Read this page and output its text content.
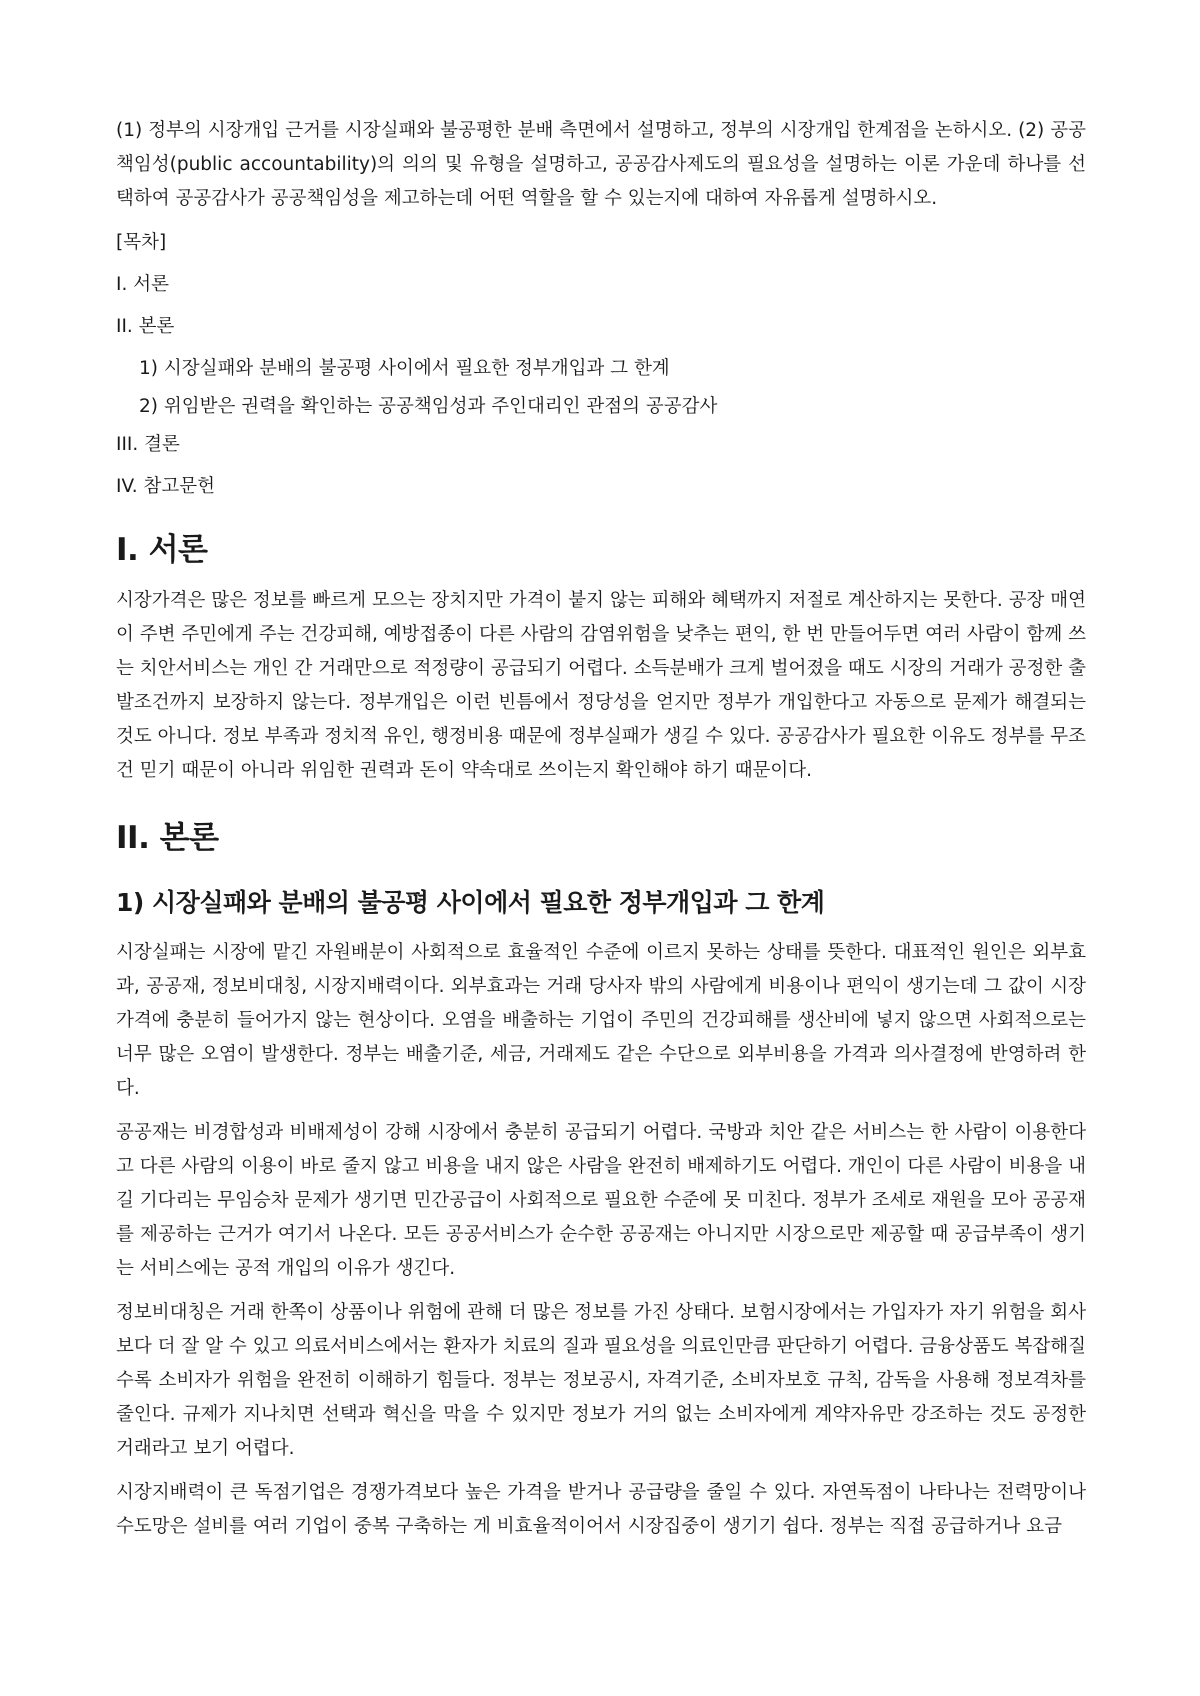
(1) 정부의 시장개입 근거를 시장실패와 불공평한 분배 측면에서 설명하고, 정부의 시장개입 한계점을 논하시오. (2) 공공책임성(public accountability)의 의의 및 유형을 설명하고, 공공감사제도의 필요성을 설명하는 이론 가운데 하나를 선택하여 공공감사가 공공책임성을 제고하는데 어떤 역할을 할 수 있는지에 대하여 자유롭게 설명하시오.

[목차]
I. 서론
II. 본론
1) 시장실패와 분배의 불공평 사이에서 필요한 정부개입과 그 한계
2) 위임받은 권력을 확인하는 공공책임성과 주인대리인 관점의 공공감사
III. 결론
IV. 참고문헌
I. 서론

시장가격은 많은 정보를 빠르게 모으는 장치지만 가격이 붙지 않는 피해와 혜택까지 저절로 계산하지는 못한다. 공장 매연이 주변 주민에게 주는 건강피해, 예방접종이 다른 사람의 감염위험을 낮추는 편익, 한 번 만들어두면 여러 사람이 함께 쓰는 치안서비스는 개인 간 거래만으로 적정량이 공급되기 어렵다. 소득분배가 크게 벌어졌을 때도 시장의 거래가 공정한 출발조건까지 보장하지 않는다. 정부개입은 이런 빈틈에서 정당성을 얻지만 정부가 개입한다고 자동으로 문제가 해결되는 것도 아니다. 정보 부족과 정치적 유인, 행정비용 때문에 정부실패가 생길 수 있다. 공공감사가 필요한 이유도 정부를 무조건 믿기 때문이 아니라 위임한 권력과 돈이 약속대로 쓰이는지 확인해야 하기 때문이다.

II. 본론
1) 시장실패와 분배의 불공평 사이에서 필요한 정부개입과 그 한계

시장실패는 시장에 맡긴 자원배분이 사회적으로 효율적인 수준에 이르지 못하는 상태를 뜻한다. 대표적인 원인은 외부효과, 공공재, 정보비대칭, 시장지배력이다. 외부효과는 거래 당사자 밖의 사람에게 비용이나 편익이 생기는데 그 값이 시장가격에 충분히 들어가지 않는 현상이다. 오염을 배출하는 기업이 주민의 건강피해를 생산비에 넣지 않으면 사회적으로는 너무 많은 오염이 발생한다. 정부는 배출기준, 세금, 거래제도 같은 수단으로 외부비용을 가격과 의사결정에 반영하려 한다.

공공재는 비경합성과 비배제성이 강해 시장에서 충분히 공급되기 어렵다. 국방과 치안 같은 서비스는 한 사람이 이용한다고 다른 사람의 이용이 바로 줄지 않고 비용을 내지 않은 사람을 완전히 배제하기도 어렵다. 개인이 다른 사람이 비용을 내길 기다리는 무임승차 문제가 생기면 민간공급이 사회적으로 필요한 수준에 못 미친다. 정부가 조세로 재원을 모아 공공재를 제공하는 근거가 여기서 나온다. 모든 공공서비스가 순수한 공공재는 아니지만 시장으로만 제공할 때 공급부족이 생기는 서비스에는 공적 개입의 이유가 생긴다.

정보비대칭은 거래 한쪽이 상품이나 위험에 관해 더 많은 정보를 가진 상태다. 보험시장에서는 가입자가 자기 위험을 회사보다 더 잘 알 수 있고 의료서비스에서는 환자가 치료의 질과 필요성을 의료인만큼 판단하기 어렵다. 금융상품도 복잡해질수록 소비자가 위험을 완전히 이해하기 힘들다. 정부는 정보공시, 자격기준, 소비자보호 규칙, 감독을 사용해 정보격차를 줄인다. 규제가 지나치면 선택과 혁신을 막을 수 있지만 정보가 거의 없는 소비자에게 계약자유만 강조하는 것도 공정한 거래라고 보기 어렵다.

시장지배력이 큰 독점기업은 경쟁가격보다 높은 가격을 받거나 공급량을 줄일 수 있다. 자연독점이 나타나는 전력망이나 수도망은 설비를 여러 기업이 중복 구축하는 게 비효율적이어서 시장집중이 생기기 쉽다. 정부는 직접 공급하거나 요금
